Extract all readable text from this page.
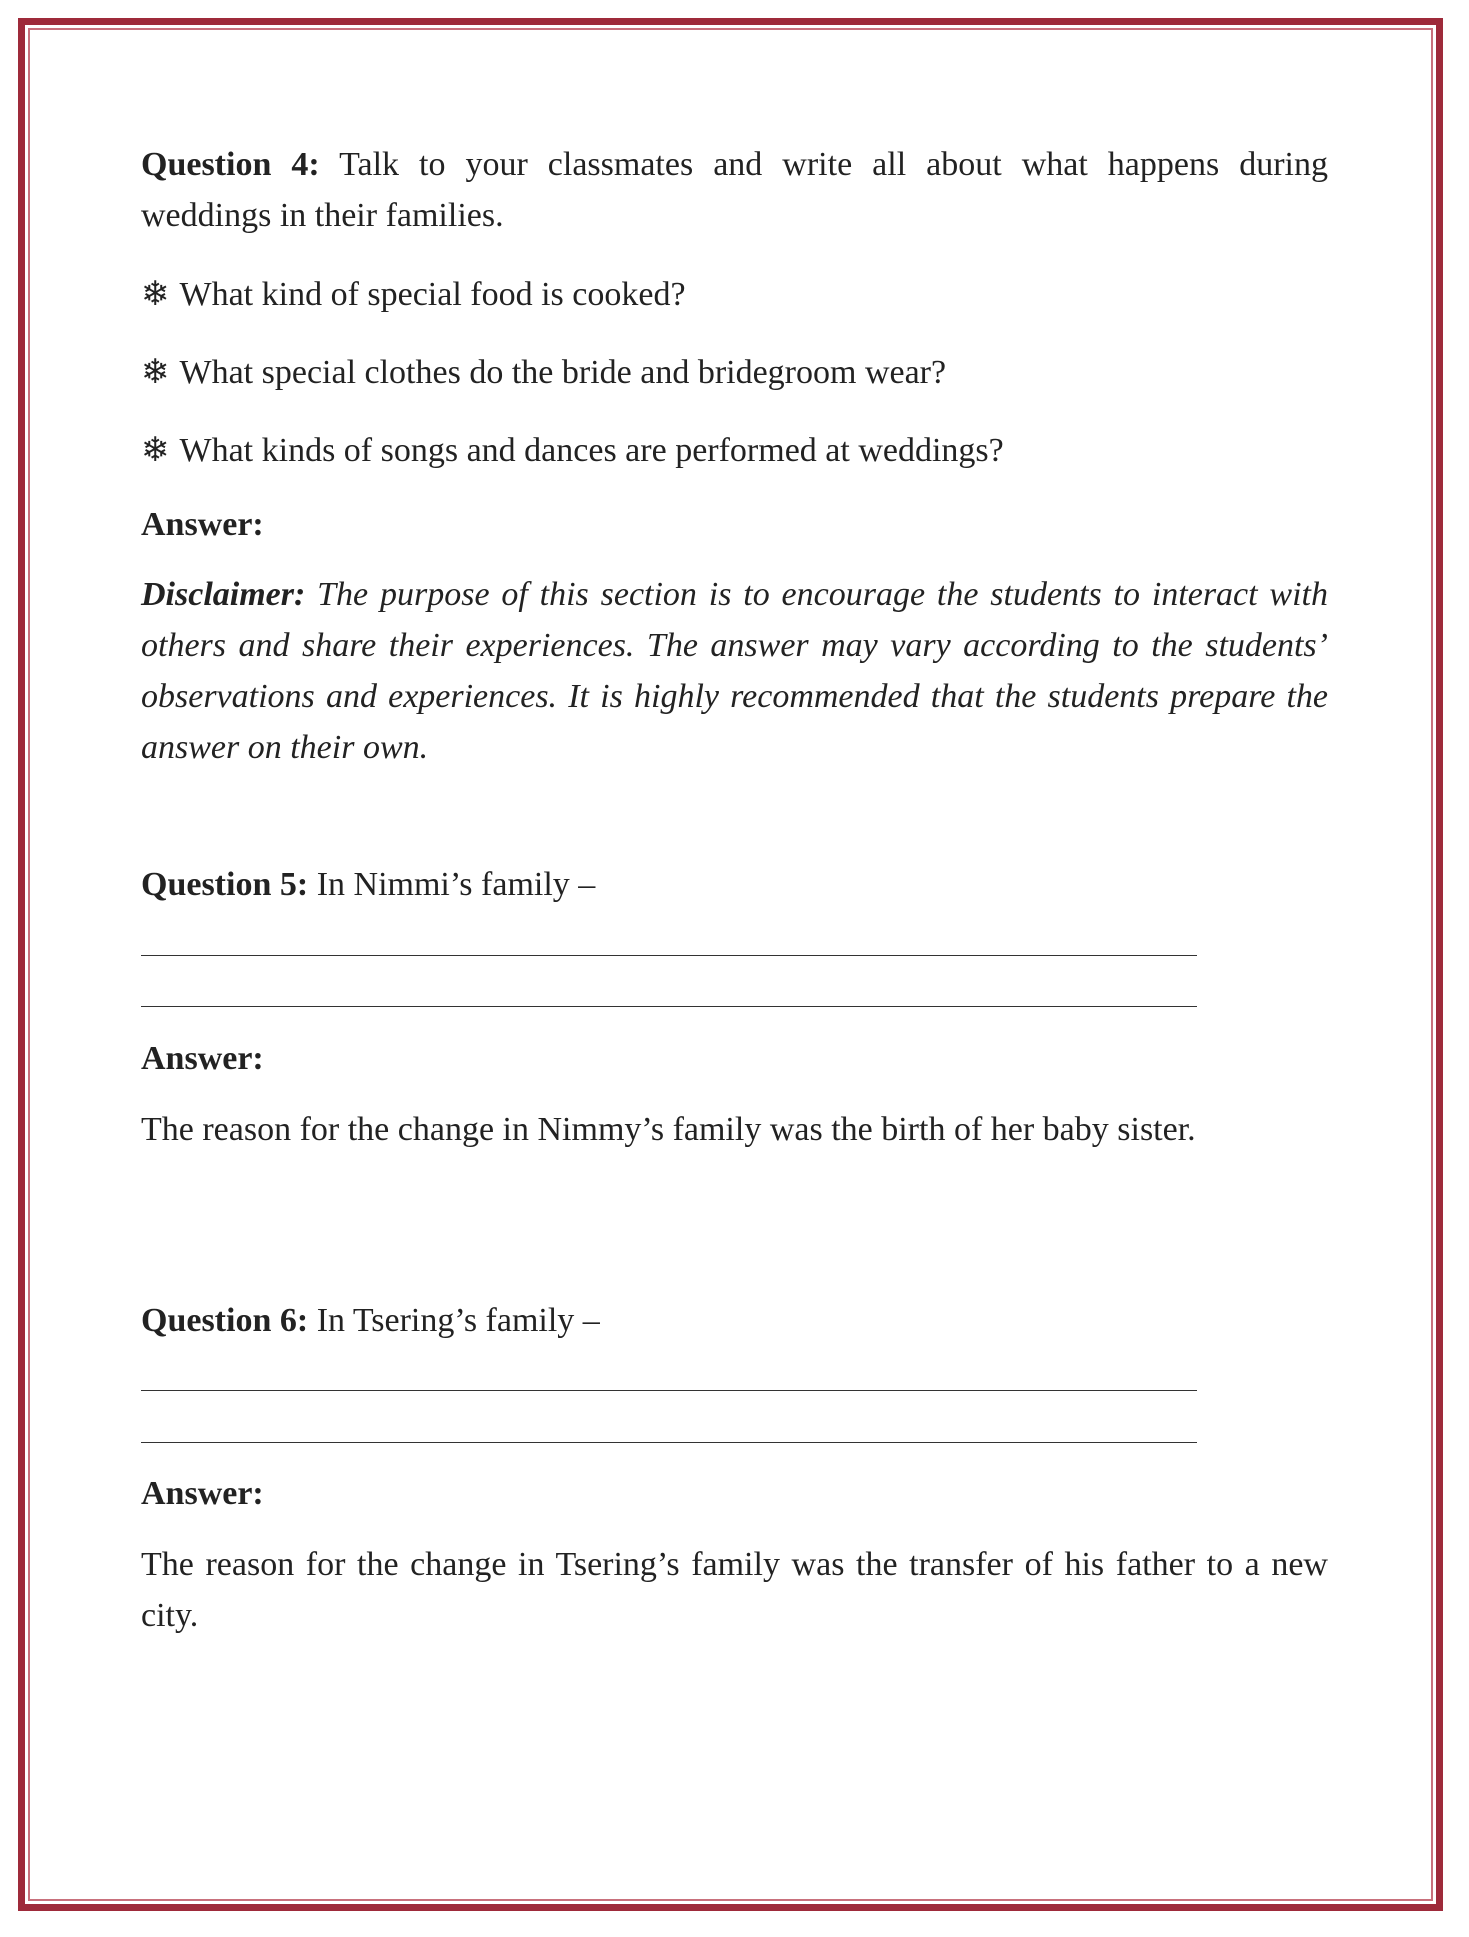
Question 4: Talk to your classmates and write all about what happens during weddings in their families.
❄ What kind of special food is cooked?
❄ What special clothes do the bride and bridegroom wear?
❄ What kinds of songs and dances are performed at weddings?
Answer:
Disclaimer: The purpose of this section is to encourage the students to interact with others and share their experiences. The answer may vary according to the students’ observations and experiences. It is highly recommended that the students prepare the answer on their own.
Question 5: In Nimmi’s family –
Answer:
The reason for the change in Nimmy’s family was the birth of her baby sister.
Question 6: In Tsering’s family –
Answer:
The reason for the change in Tsering’s family was the transfer of his father to a new city.
